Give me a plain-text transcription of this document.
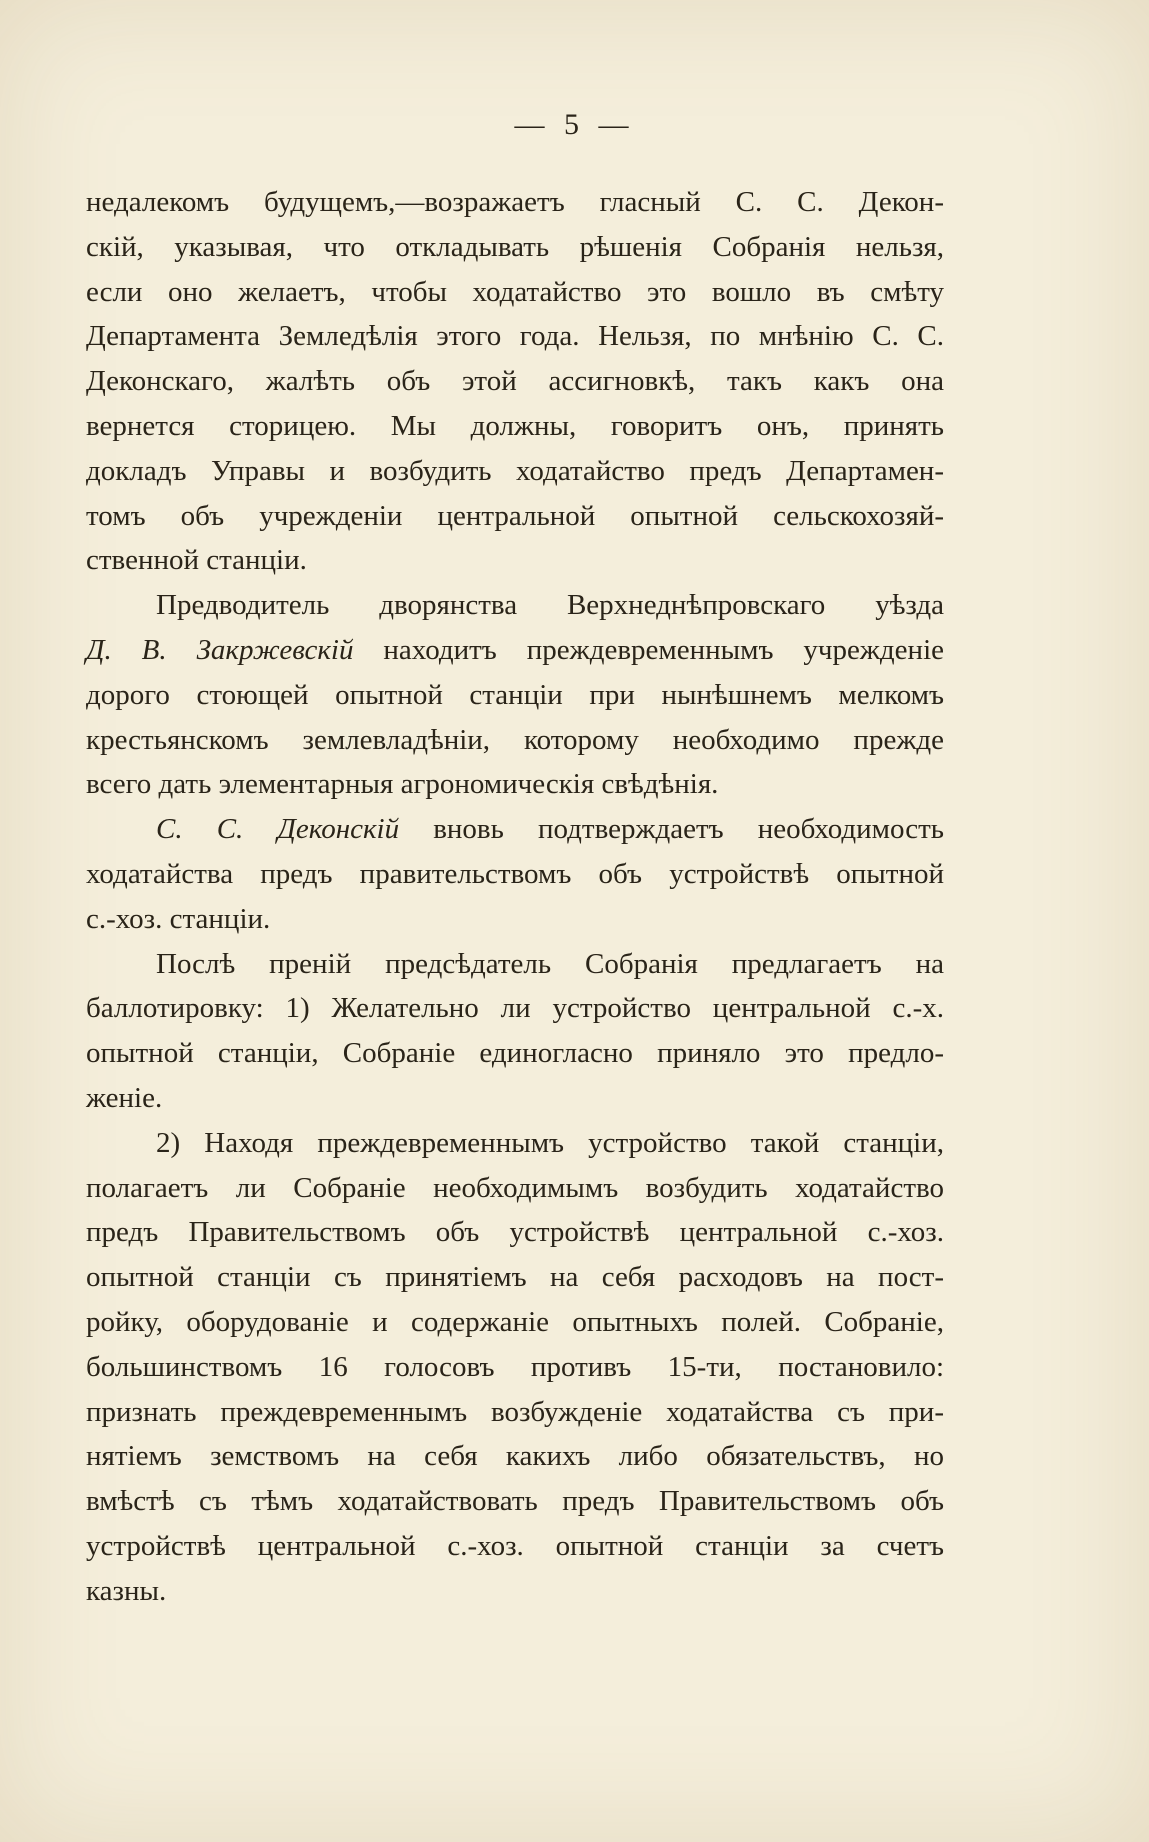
— 5 —
недалекомъ будущемъ,—возражаетъ гласный С. С. Декон-
скій, указывая, что откладывать рѣшенія Собранія нельзя,
если оно желаетъ, чтобы ходатайство это вошло въ смѣту
Департамента Земледѣлія этого года. Нельзя, по мнѣнію С. С.
Деконскаго, жалѣть объ этой ассигновкѣ, такъ какъ она
вернется сторицею. Мы должны, говоритъ онъ, принять
докладъ Управы и возбудить ходатайство предъ Департамен-
томъ объ учрежденіи центральной опытной сельскохозяй-
ственной станціи.
Предводитель дворянства Верхнеднѣпровскаго уѣзда
Д. В. Закржевскій находитъ преждевременнымъ учрежденіе
дорого стоющей опытной станціи при нынѣшнемъ мелкомъ
крестьянскомъ землевладѣніи, которому необходимо прежде
всего дать элементарныя агрономическія свѣдѣнія.
С. С. Деконскій вновь подтверждаетъ необходимость
ходатайства предъ правительствомъ объ устройствѣ опытной
с.-хоз. станціи.
Послѣ преній предсѣдатель Собранія предлагаетъ на
баллотировку: 1) Желательно ли устройство центральной с.-х.
опытной станціи, Собраніе единогласно приняло это предло-
женіе.
2) Находя преждевременнымъ устройство такой станціи,
полагаетъ ли Собраніе необходимымъ возбудить ходатайство
предъ Правительствомъ объ устройствѣ центральной с.-хоз.
опытной станціи съ принятіемъ на себя расходовъ на пост-
ройку, оборудованіе и содержаніе опытныхъ полей. Собраніе,
большинствомъ 16 голосовъ противъ 15-ти, постановило:
признать преждевременнымъ возбужденіе ходатайства съ при-
нятіемъ земствомъ на себя какихъ либо обязательствъ, но
вмѣстѣ съ тѣмъ ходатайствовать предъ Правительствомъ объ
устройствѣ центральной с.-хоз. опытной станціи за счетъ
казны.
